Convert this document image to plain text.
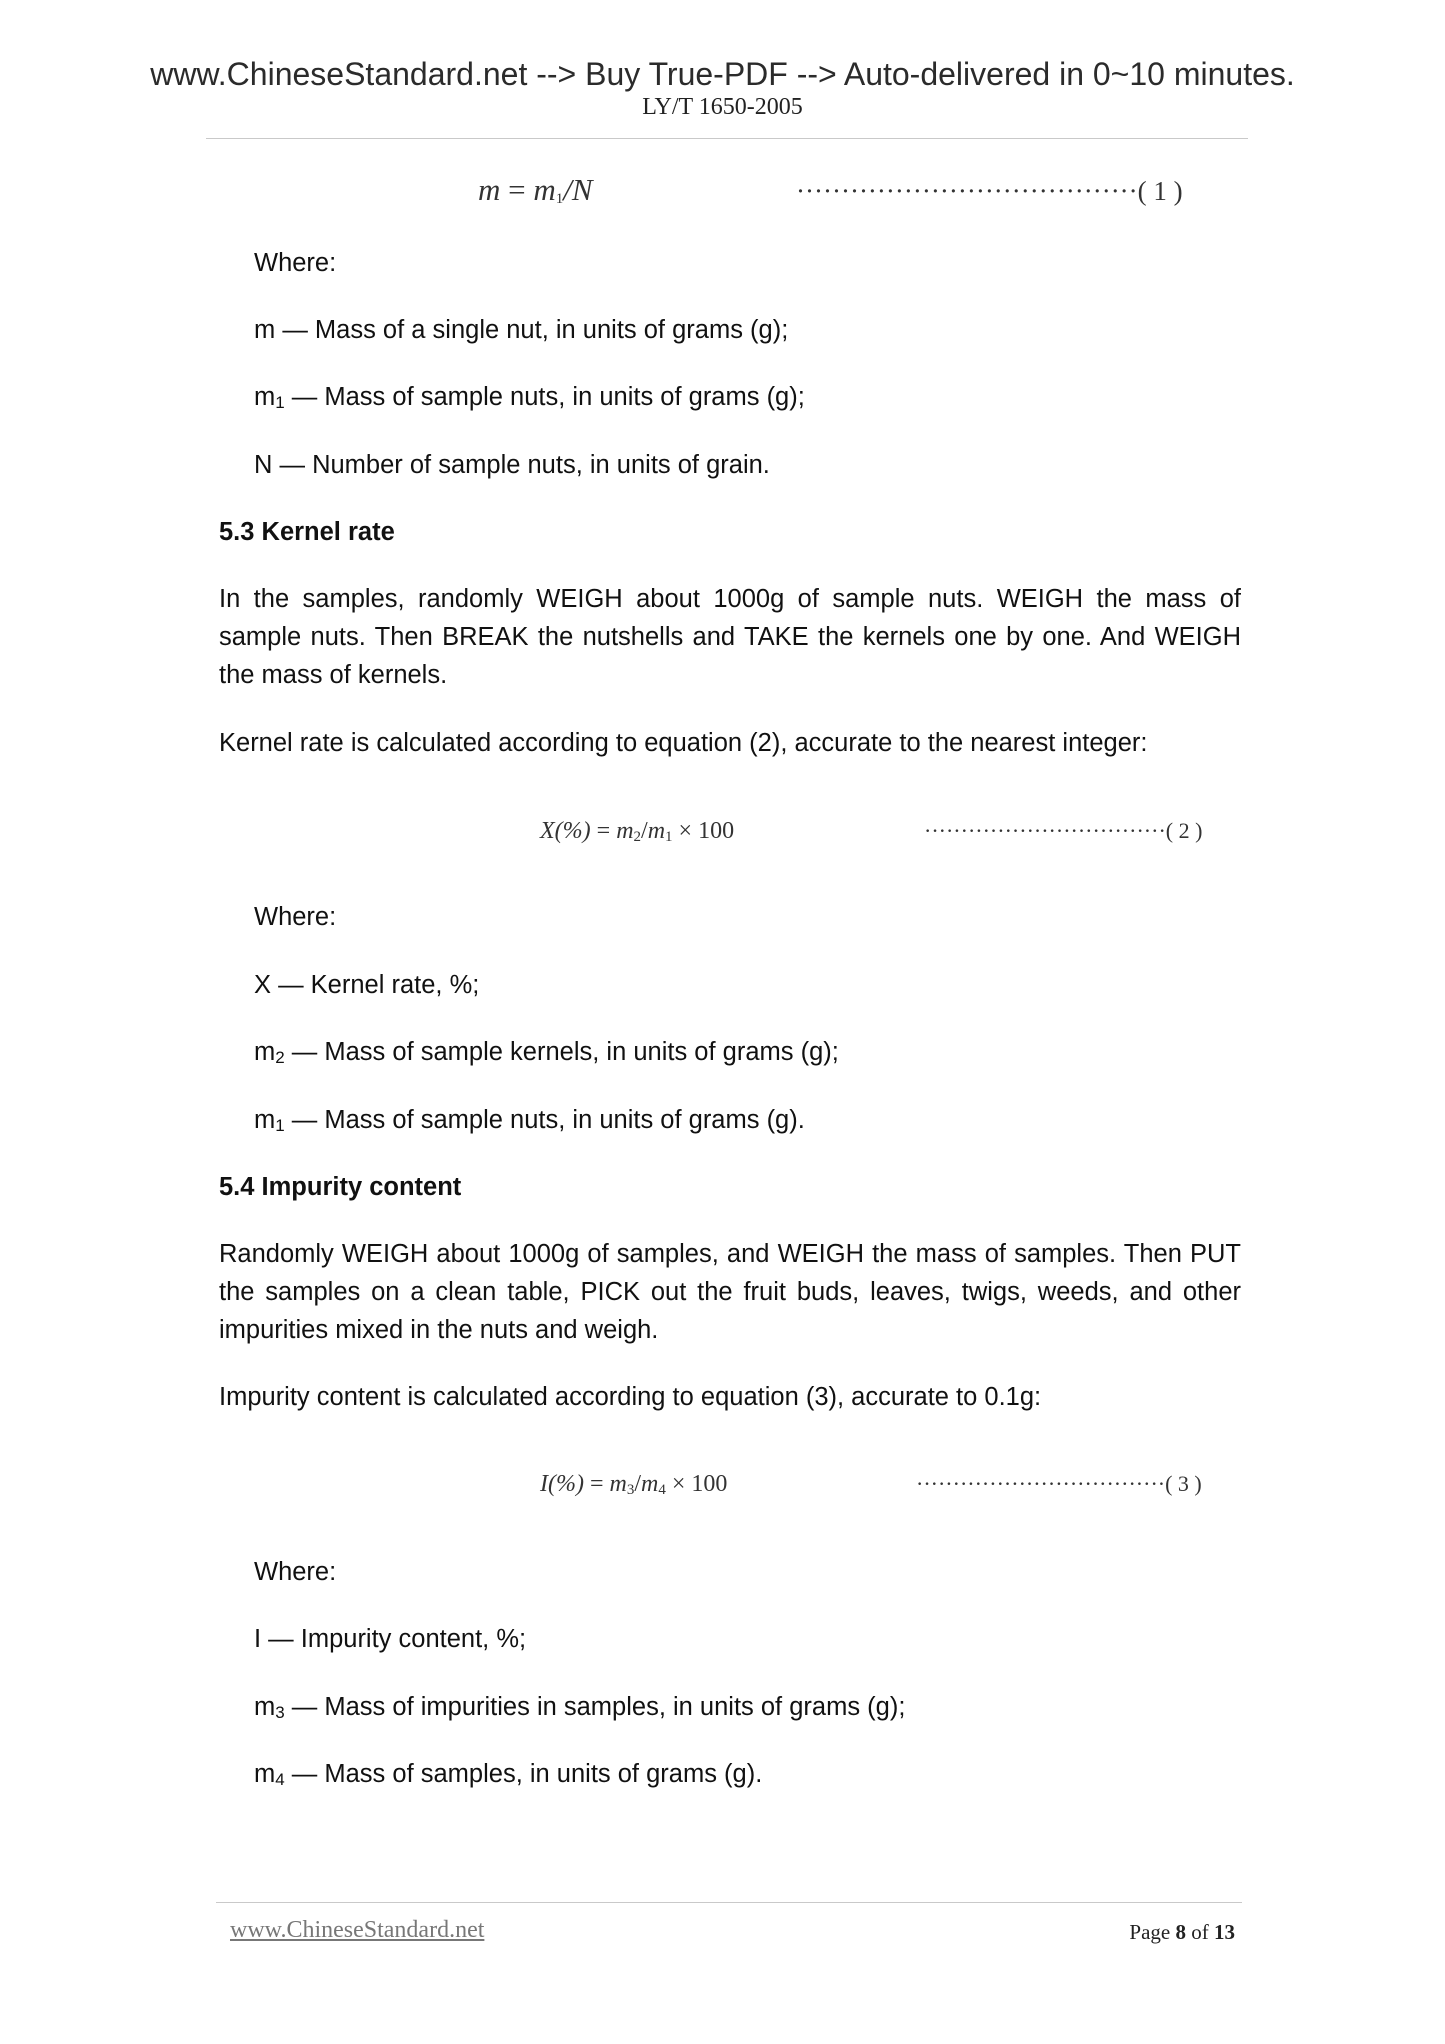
www.ChineseStandard.net --> Buy True-PDF --> Auto-delivered in 0~10 minutes.
LY/T 1650-2005
$m = m_1/N$	······································( 1 )
Where:
m — Mass of a single nut, in units of grams (g);
$m_1$ — Mass of sample nuts, in units of grams (g);
N — Number of sample nuts, in units of grain.
5.3 Kernel rate
In the samples, randomly WEIGH about 1000g of sample nuts. WEIGH the mass of sample nuts. Then BREAK the nutshells and TAKE the kernels one by one. And WEIGH the mass of kernels.
Kernel rate is calculated according to equation (2), accurate to the nearest integer:
$X(\%) = m_2/m_1 \times 100$	·································( 2 )
Where:
X — Kernel rate, %;
$m_2$ — Mass of sample kernels, in units of grams (g);
$m_1$ — Mass of sample nuts, in units of grams (g).
5.4 Impurity content
Randomly WEIGH about 1000g of samples, and WEIGH the mass of samples. Then PUT the samples on a clean table, PICK out the fruit buds, leaves, twigs, weeds, and other impurities mixed in the nuts and weigh.
Impurity content is calculated according to equation (3), accurate to 0.1g:
$I(\%) = m_3/m_4 \times 100$	··································( 3 )
Where:
I — Impurity content, %;
$m_3$ — Mass of impurities in samples, in units of grams (g);
$m_4$ — Mass of samples, in units of grams (g).
www.ChineseStandard.net	Page 8 of 13
